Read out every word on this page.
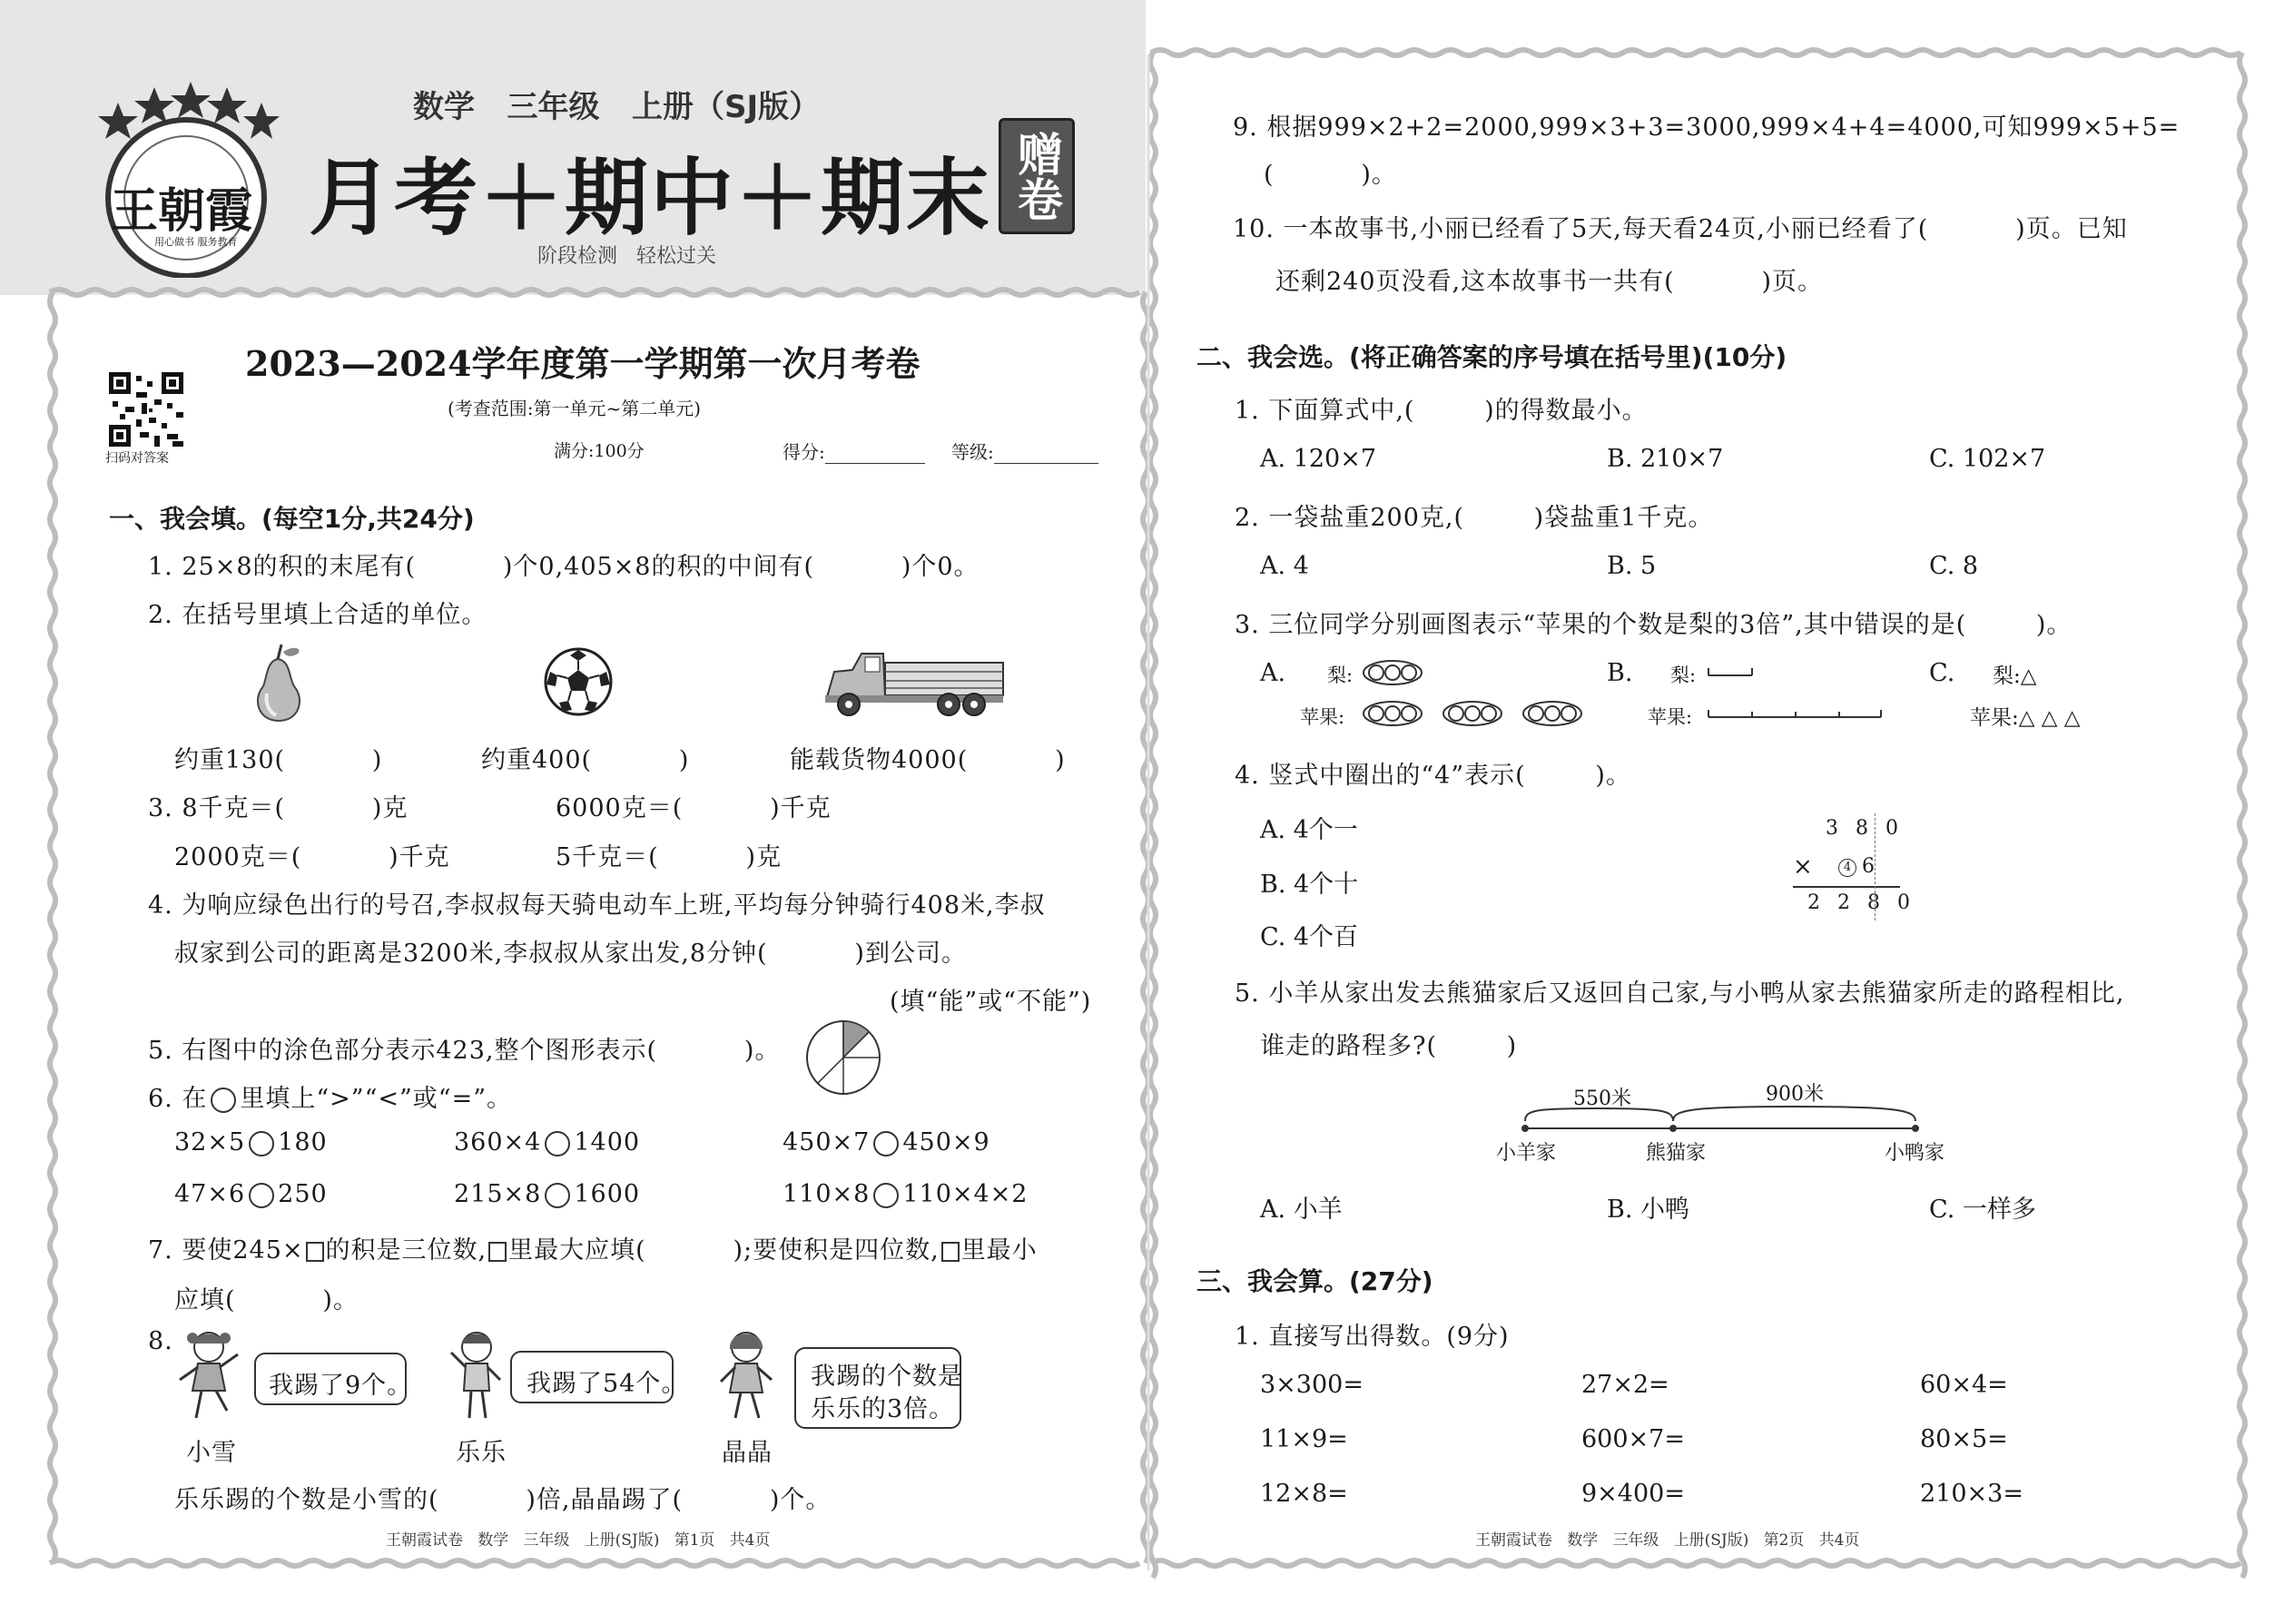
王朝霞
用心做书 服务教育
数学   三年级   上册（SJ版）
月考＋期中＋期末 赠卷
阶段检测   轻松过关
2023—2024学年度第一学期第一次月考卷
(考查范围:第一单元~第二单元)
满分:100分	得分:	等级:
扫码对答案
一、我会填。(每空1分,共24分)
1. 25×8的积的末尾有(          )个0,405×8的积的中间有(          )个0。
2. 在括号里填上合适的单位。
约重130(          )	约重400(          )	能载货物4000(          )
3. 8千克＝(          )克	6000克＝(          )千克
2000克＝(          )千克	5千克＝(          )克
4. 为响应绿色出行的号召,李叔叔每天骑电动车上班,平均每分钟骑行408米,李叔
叔家到公司的距离是3200米,李叔叔从家出发,8分钟(          )到公司。
(填“能”或“不能”)
5. 右图中的涂色部分表示423,整个图形表示(          )。
6. 在 里填上“>”“<”或“=”。
32×5 180	360×4 1400	450×7 450×9
47×6 250	215×8 1600	110×8 110×4×2
7. 要使245× 的积是三位数, 里最大应填(          );要使积是四位数, 里最小
应填(          )。
8.
我踢了9个。
小雪
我踢了54个。
乐乐
我踢的个数是
乐乐的3倍。
晶晶
乐乐踢的个数是小雪的(          )倍,晶晶踢了(          )个。
王朝霞试卷   数学   三年级   上册(SJ版)   第1页   共4页
9. 根据999×2+2=2000,999×3+3=3000,999×4+4=4000,可知999×5+5=
(          )。
10. 一本故事书,小丽已经看了5天,每天看24页,小丽已经看了(          )页。已知
还剩240页没看,这本故事书一共有(          )页。
二、我会选。(将正确答案的序号填在括号里)(10分)
1. 下面算式中,(        )的得数最小。
A. 120×7	B. 210×7	C. 102×7
2. 一袋盐重200克,(        )袋盐重1千克。
A. 4	B. 5	C. 8
3. 三位同学分别画图表示“苹果的个数是梨的3倍”,其中错误的是(        )。
A. 梨:
苹果:
B. 梨:
苹果:
C. 梨:△
苹果:△ △ △
4. 竖式中圈出的“4”表示(        )。
A. 4个一
B. 4个十
C. 4个百
3 8 0
×	4 6
2 2 8 0
5. 小羊从家出发去熊猫家后又返回自己家,与小鸭从家去熊猫家所走的路程相比,
谁走的路程多?(        )
550米	900米
小羊家	熊猫家	小鸭家
A. 小羊	B. 小鸭	C. 一样多
三、我会算。(27分)
1. 直接写出得数。(9分)
3×300=	27×2=	60×4=
11×9=	600×7=	80×5=
12×8=	9×400=	210×3=
王朝霞试卷   数学   三年级   上册(SJ版)   第2页   共4页
